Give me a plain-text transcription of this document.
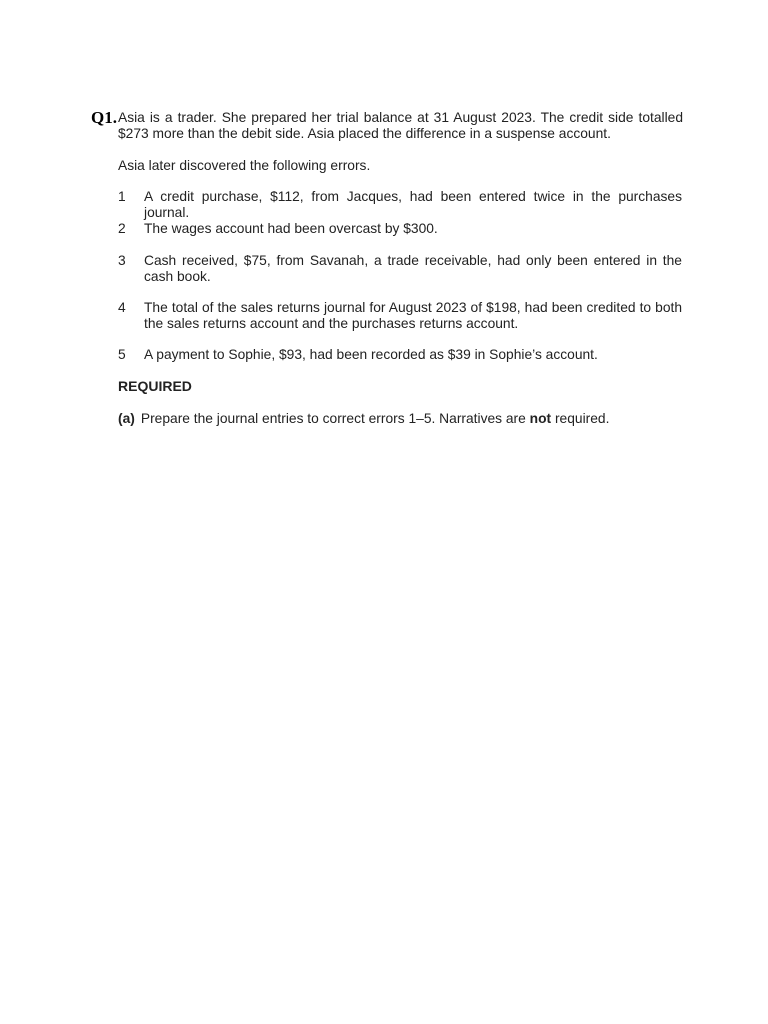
Q1. Asia is a trader. She prepared her trial balance at 31 August 2023. The credit side totalled $273 more than the debit side. Asia placed the difference in a suspense account.
Asia later discovered the following errors.
1	A credit purchase, $112, from Jacques, had been entered twice in the purchases journal.
2	The wages account had been overcast by $300.
3	Cash received, $75, from Savanah, a trade receivable, had only been entered in the cash book.
4	The total of the sales returns journal for August 2023 of $198, had been credited to both the sales returns account and the purchases returns account.
5	A payment to Sophie, $93, had been recorded as $39 in Sophie’s account.
REQUIRED
(a) Prepare the journal entries to correct errors 1–5. Narratives are not required.
